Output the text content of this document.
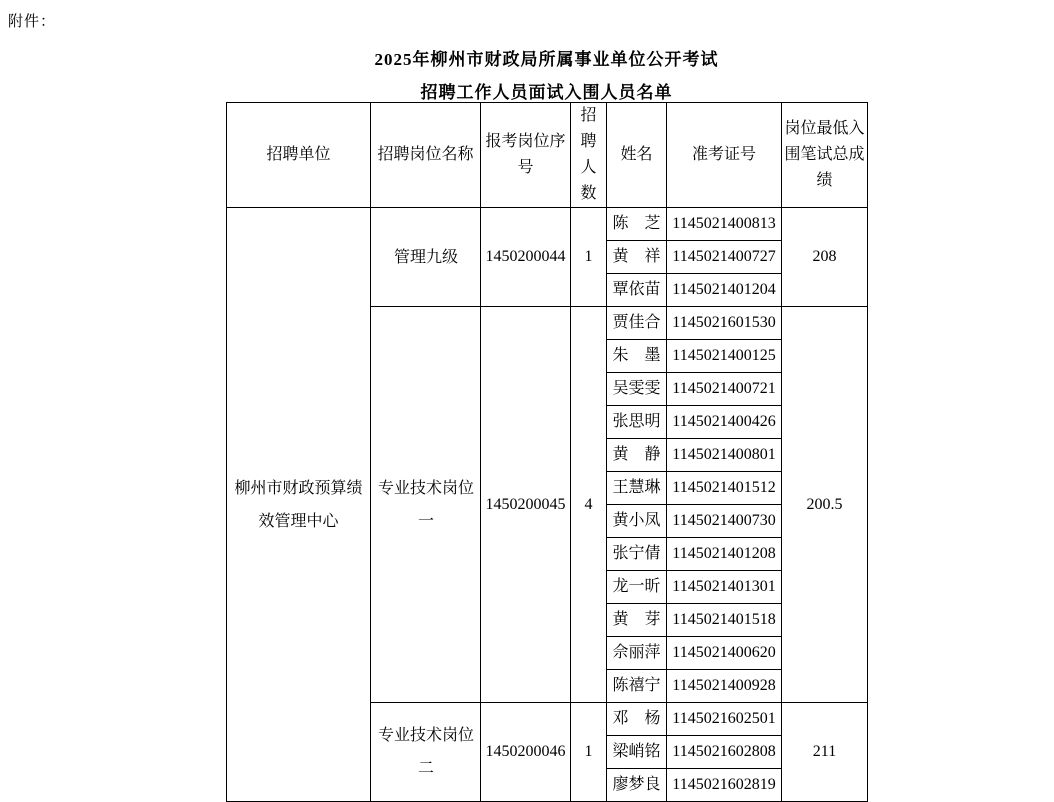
附件：
2025年柳州市财政局所属事业单位公开考试
招聘工作人员面试入围人员名单
招聘单位	招聘岗位名称	报考岗位序号	招聘人数	姓名	准考证号	岗位最低入围笔试总成绩

柳州市财政预算绩效管理中心	管理九级	1450200044	1	陈　芝	1145021400813	208
				黄　祥	1145021400727	
				覃依苗	1145021401204	

	专业技术岗位一	1450200045	4	贾佳合	1145021601530	200.5
				朱　墨	1145021400125	
				吴雯雯	1145021400721	
				张思明	1145021400426	
				黄　静	1145021400801	
				王慧琳	1145021401512	
				黄小凤	1145021400730	
				张宁倩	1145021401208	
				龙一昕	1145021401301	
				黄　芽	1145021401518	
				佘丽萍	1145021400620	
				陈禧宁	1145021400928	

	专业技术岗位二	1450200046	1	邓　杨	1145021602501	211
				梁峭铭	1145021602808	
				廖梦良	1145021602819	
